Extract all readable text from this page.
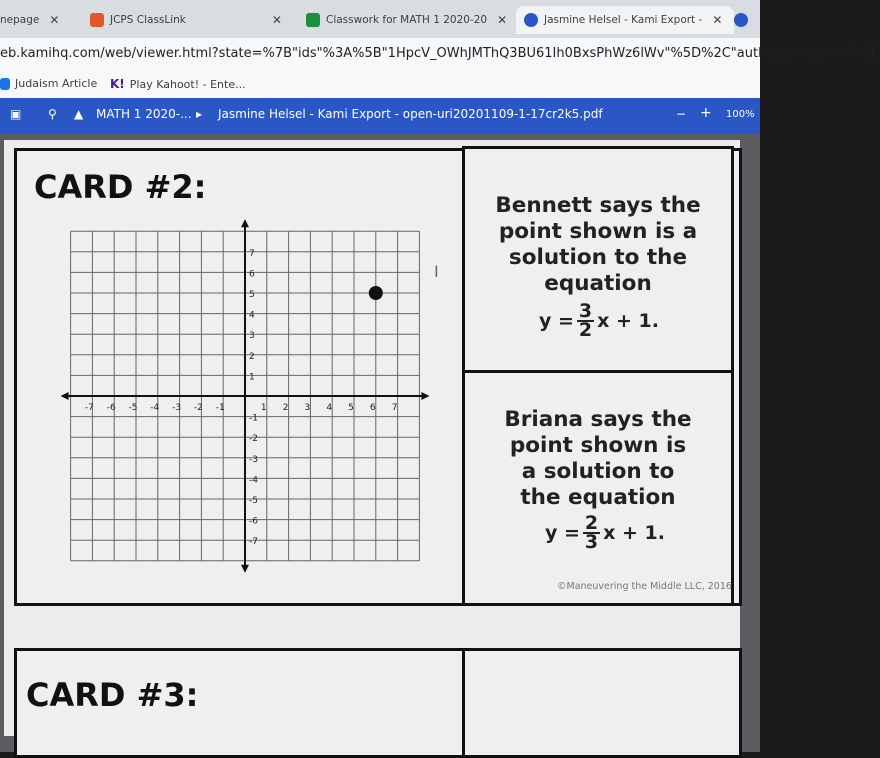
nepage ✕	JCPS ClassLink	✕	Classwork for MATH 1 2020-20 ✕	Jasmine Helsel - Kami Export - ✕
eb.kamihq.com/web/viewer.html?state=%7B"ids"%3A%5B"1HpcV_OWhJMThQ3BU61Ih0BxsPhWz6lWv"%5D%2C"authuser"%3A"0"%2C
Judaism Article K! Play Kahoot! - Ente...
▣ ⚲ ▲ MATH 1 2020-... ▸ Jasmine Helsel - Kami Export - open-uri20201109-1-17cr2k5.pdf	− + 100%
CARD #2:
-7 -6 -5 -4 -3 -2 -1	1 2 3 4 5 6 7
7
6
5
4
3
2
1
-1
-2
-3
-4
-5
-6
-7
Bennett says the
point shown is a
solution to the
equation
$y = \frac{3}{2}$ x + 1.
Briana says the
point shown is
a solution to
the equation
$y = \frac{2}{3}$ x + 1.
©Maneuvering the Middle LLC, 2016
I
CARD #3:
